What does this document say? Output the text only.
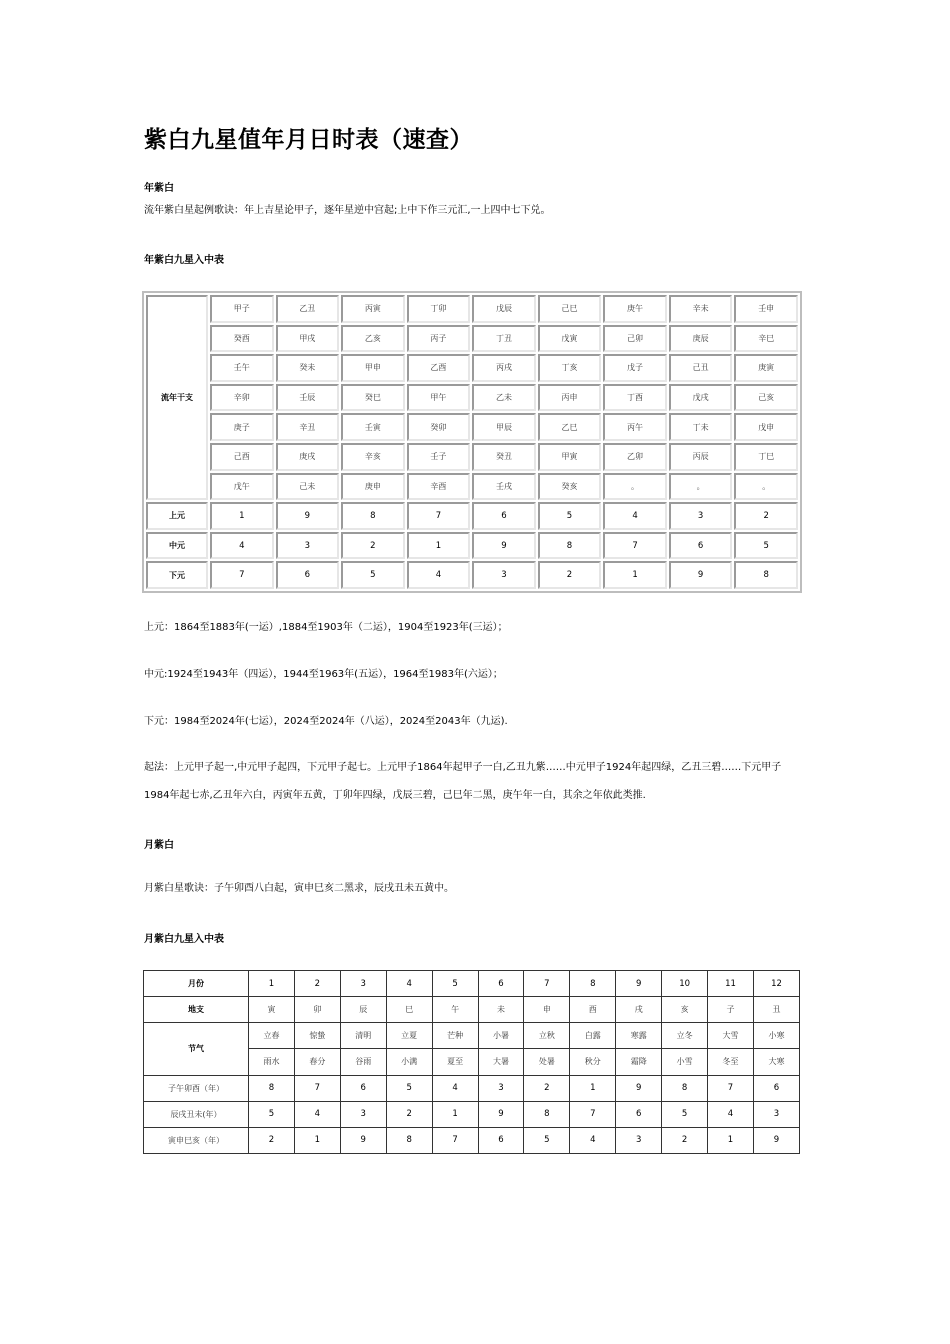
紫白九星值年月日时表（速查）
年紫白
流年紫白星起例歌诀：年上吉星论甲子，逐年星逆中宫起;上中下作三元汇,一上四中七下兑。
年紫白九星入中表
流年干支	甲子	乙丑	丙寅	丁卯	戊辰	己巳	庚午	辛未	壬申
	癸酉	甲戌	乙亥	丙子	丁丑	戊寅	己卯	庚辰	辛巳
	壬午	癸未	甲申	乙酉	丙戌	丁亥	戊子	己丑	庚寅
	辛卯	壬辰	癸巳	甲午	乙未	丙申	丁酉	戊戌	己亥
	庚子	辛丑	壬寅	癸卯	甲辰	乙巳	丙午	丁未	戊申
	己酉	庚戌	辛亥	壬子	癸丑	甲寅	乙卯	丙辰	丁巳
	戊午	己未	庚申	辛酉	壬戌	癸亥	。	。	。
上元	1	9	8	7	6	5	4	3	2
中元	4	3	2	1	9	8	7	6	5
下元	7	6	5	4	3	2	1	9	8
上元：1864至1883年(一运）,1884至1903年（二运），1904至1923年(三运）；
中元:1924至1943年（四运），1944至1963年(五运），1964至1983年(六运）；
下元：1984至2024年(七运），2024至2024年（八运），2024至2043年（九运).
起法：上元甲子起一,中元甲子起四，下元甲子起七。上元甲子1864年起甲子一白,乙丑九紫……中元甲子1924年起四绿，乙丑三碧……下元甲子1984年起七赤,乙丑年六白，丙寅年五黄，丁卯年四绿，戊辰三碧，己巳年二黑，庚午年一白，其余之年依此类推.
月紫白
月紫白星歌诀：子午卯酉八白起，寅申巳亥二黑求，辰戌丑未五黄中。
月紫白九星入中表
月份	1	2	3	4	5	6	7	8	9	10	11	12
地支	寅	卯	辰	巳	午	未	申	酉	戌	亥	子	丑
节气	立春	惊蛰	清明	立夏	芒种	小暑	立秋	白露	寒露	立冬	大雪	小寒
	雨水	春分	谷雨	小满	夏至	大暑	处暑	秋分	霜降	小雪	冬至	大寒
子午卯酉（年）	8	7	6	5	4	3	2	1	9	8	7	6
辰戌丑未(年）	5	4	3	2	1	9	8	7	6	5	4	3
寅申巳亥（年）	2	1	9	8	7	6	5	4	3	2	1	9
